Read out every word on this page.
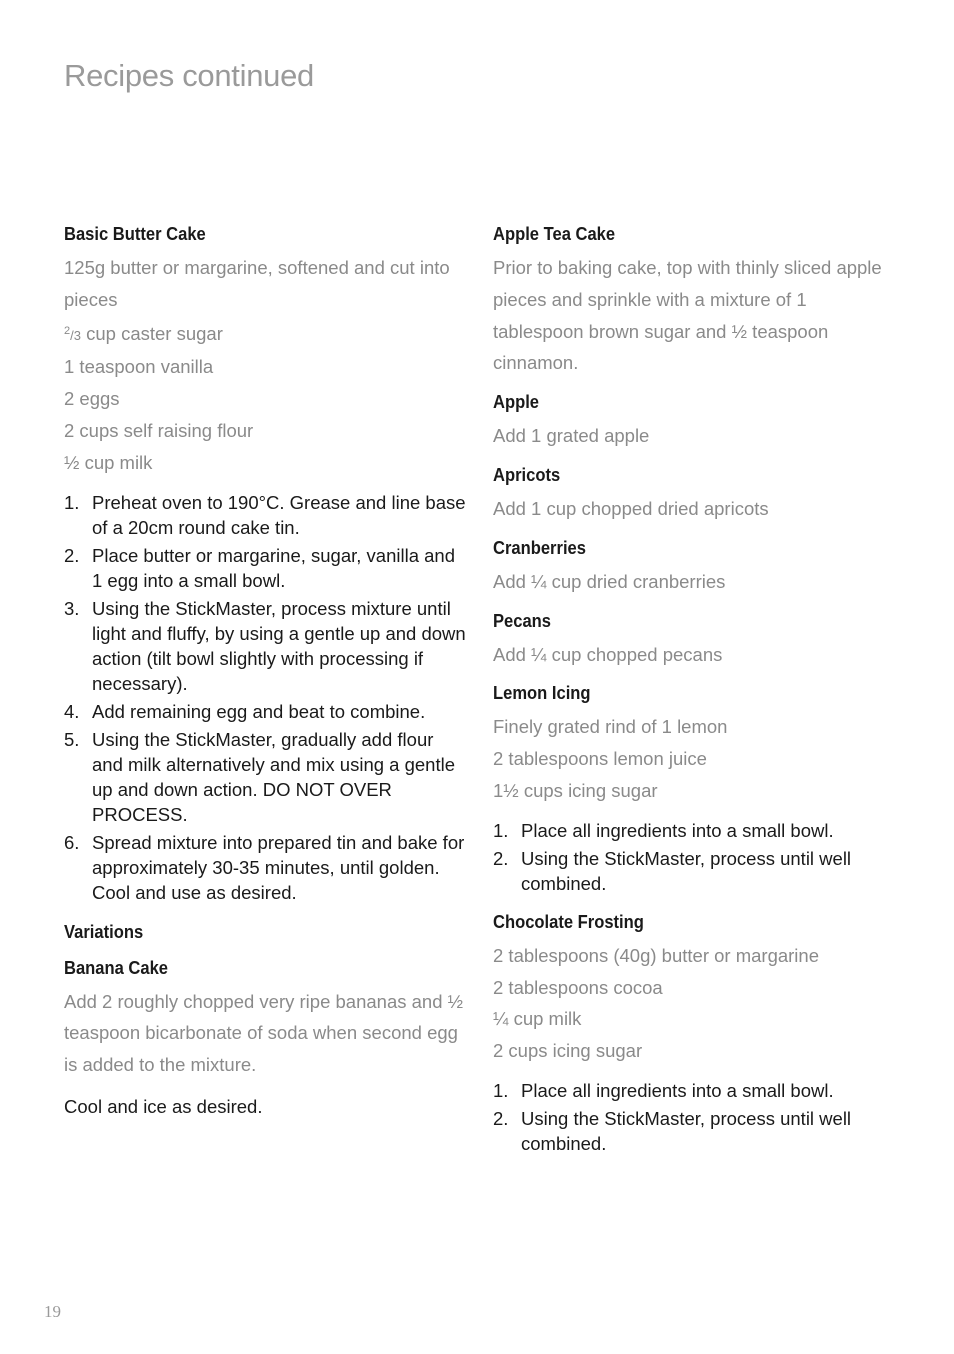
Recipes continued
Basic Butter Cake
125g butter or margarine, softened and cut into pieces
$^2$/3 cup caster sugar
1 teaspoon vanilla
2 eggs
2 cups self raising flour
½ cup milk
1. Preheat oven to 190°C. Grease and line base of a 20cm round cake tin.
2. Place butter or margarine, sugar, vanilla and 1 egg into a small bowl.
3. Using the StickMaster, process mixture until light and fluffy, by using a gentle up and down action (tilt bowl slightly with processing if necessary).
4. Add remaining egg and beat to combine.
5. Using the StickMaster, gradually add flour and milk alternatively and mix using a gentle up and down action. DO NOT OVER PROCESS.
6. Spread mixture into prepared tin and bake for approximately 30-35 minutes, until golden. Cool and use as desired.
Variations
Banana Cake
Add 2 roughly chopped very ripe bananas and ½ teaspoon bicarbonate of soda when second egg is added to the mixture.
Cool and ice as desired.
Apple Tea Cake
Prior to baking cake, top with thinly sliced apple pieces and sprinkle with a mixture of 1 tablespoon brown sugar and ½ teaspoon cinnamon.
Apple
Add 1 grated apple
Apricots
Add 1 cup chopped dried apricots
Cranberries
Add ¼ cup dried cranberries
Pecans
Add ¼ cup chopped pecans
Lemon Icing
Finely grated rind of 1 lemon
2 tablespoons lemon juice
1½ cups icing sugar
1. Place all ingredients into a small bowl.
2. Using the StickMaster, process until well combined.
Chocolate Frosting
2 tablespoons (40g) butter or margarine
2 tablespoons cocoa
¼ cup milk
2 cups icing sugar
1. Place all ingredients into a small bowl.
2. Using the StickMaster, process until well combined.
19
